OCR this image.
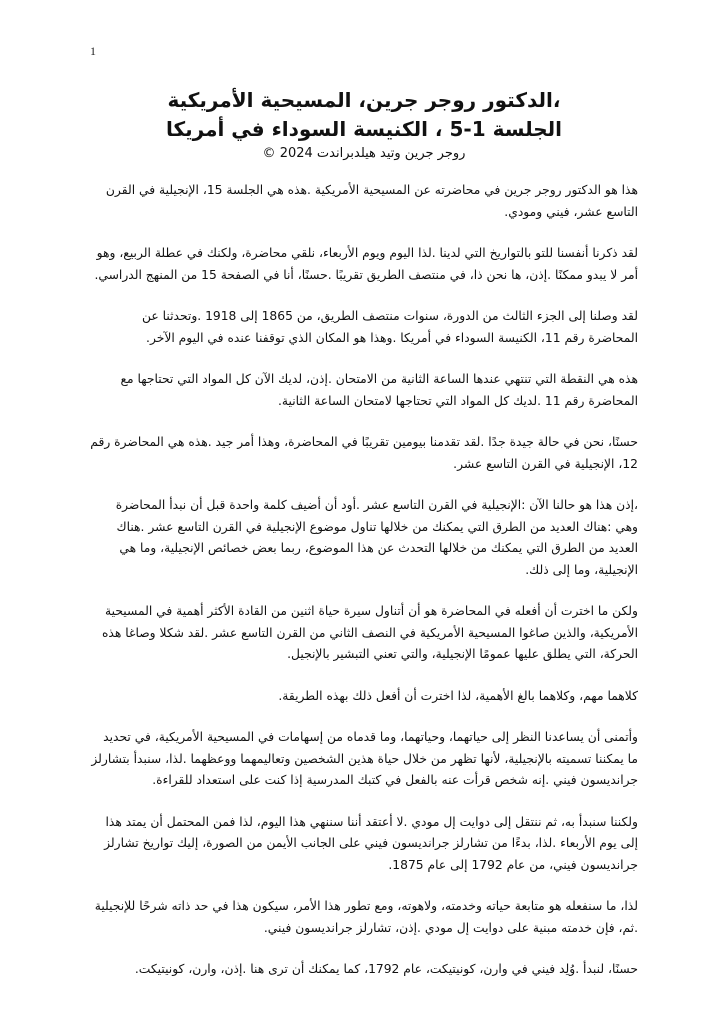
1

،الدكتور روجر جرين، المسيحية الأمريكية

الجلسة 1-5 ، الكنيسة السوداء في أمريكا

روجر جرين وتيد هيلدبراندت 2024 ©

هذا هو الدكتور روجر جرين في محاضرته عن المسيحية الأمريكية .هذه هي الجلسة 15، الإنجيلية في القرن التاسع عشر، فيني ومودي.

لقد ذكرنا أنفسنا للتو بالتواريخ التي لدينا .لذا اليوم ويوم الأربعاء، نلقي محاضرة، ولكنك في عطلة الربيع، وهو أمر لا يبدو ممكنًا .إذن، ها نحن ذا، في منتصف الطريق تقريبًا .حسنًا، أنا في الصفحة 15 من المنهج الدراسي.

لقد وصلنا إلى الجزء الثالث من الدورة، سنوات منتصف الطريق، من 1865 إلى 1918 .وتحدثنا عن المحاضرة رقم 11، الكنيسة السوداء في أمريكا .وهذا هو المكان الذي توقفنا عنده في اليوم الآخر.

هذه هي النقطة التي تنتهي عندها الساعة الثانية من الامتحان .إذن، لديك الآن كل المواد التي تحتاجها مع المحاضرة رقم 11 .لديك كل المواد التي تحتاجها لامتحان الساعة الثانية.

حسنًا، نحن في حالة جيدة جدًا .لقد تقدمنا بيومين تقريبًا في المحاضرة، وهذا أمر جيد .هذه هي المحاضرة رقم 12، الإنجيلية في القرن التاسع عشر.

،إذن هذا هو حالنا الآن :الإنجيلية في القرن التاسع عشر .أود أن أضيف كلمة واحدة قبل أن نبدأ المحاضرة وهي :هناك العديد من الطرق التي يمكنك من خلالها تناول موضوع الإنجيلية في القرن التاسع عشر .هناك العديد من الطرق التي يمكنك من خلالها التحدث عن هذا الموضوع، ربما بعض خصائص الإنجيلية، وما هي الإنجيلية، وما إلى ذلك.

ولكن ما اخترت أن أفعله في المحاضرة هو أن أتناول سيرة حياة اثنين من القادة الأكثر أهمية في المسيحية الأمريكية، والذين صاغوا المسيحية الأمريكية في النصف الثاني من القرن التاسع عشر .لقد شكلا وصاغا هذه الحركة، التي يطلق عليها عمومًا الإنجيلية، والتي تعني التبشير بالإنجيل.

كلاهما مهم، وكلاهما بالغ الأهمية، لذا اخترت أن أفعل ذلك بهذه الطريقة.

وأتمنى أن يساعدنا النظر إلى حياتهما، وحياتهما، وما قدماه من إسهامات في المسيحية الأمريكية، في تحديد ما يمكننا تسميته بالإنجيلية، لأنها تظهر من خلال حياة هذين الشخصين وتعاليمهما ووعظهما .لذا، سنبدأ بتشارلز جراندیسون فيني .إنه شخص قرأت عنه بالفعل في كتبك المدرسية إذا كنت على استعداد للقراءة.

ولكننا سنبدأ به، ثم ننتقل إلى دوايت إل مودي .لا أعتقد أننا سننهي هذا اليوم، لذا فمن المحتمل أن يمتد هذا إلى يوم الأربعاء .لذا، بدءًا من تشارلز جراندیسون فيني على الجانب الأيمن من الصورة، إليك تواريخ تشارلز جراندیسون فيني، من عام 1792 إلى عام 1875.

لذا، ما سنفعله هو متابعة حياته وخدمته، ولاهوته، ومع تطور هذا الأمر، سيكون هذا في حد ذاته شرحًا للإنجيلية .ثم، فإن خدمته مبنية على دوايت إل مودي .إذن، تشارلز جراندیسون فيني.

حسنًا، لنبدأ .وُلِد فيني في وارن، كونيتيكت، عام 1792، كما يمكنك أن ترى هنا .إذن، وارن، كونيتيكت.
